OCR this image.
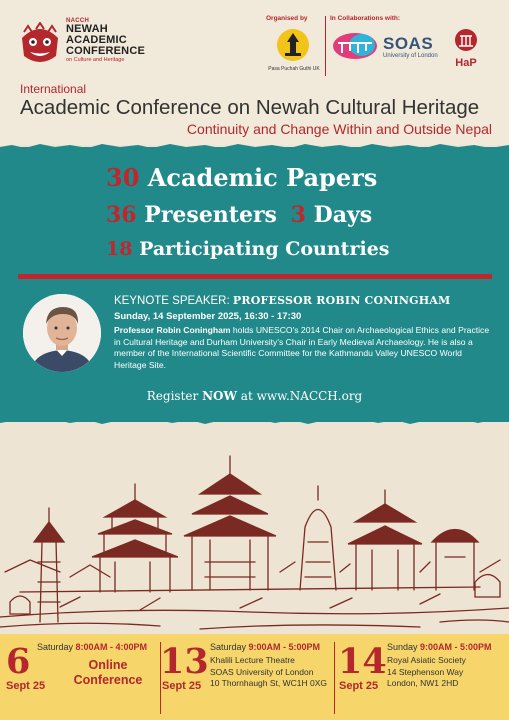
NACCH
NEWAH
ACADEMIC
CONFERENCE
on Culture and Heritage
Organised by
Pasa Puchah Guthi UK
In Collaborations with:
SOAS
University of London
HaP
International
Academic Conference on Newah Cultural Heritage
Continuity and Change Within and Outside Nepal
30 Academic Papers
36 Presenters 3 Days
18 Participating Countries
KEYNOTE SPEAKER: PROFESSOR ROBIN CONINGHAM
Sunday, 14 September 2025, 16:30 - 17:30
Professor Robin Coningham holds UNESCO's 2014 Chair on Archaeological Ethics and Practice in Cultural Heritage and Durham University's Chair in Early Medieval Archaeology. He is also a member of the International Scientific Committee for the Kathmandu Valley UNESCO World Heritage Site.
Register NOW at www.NACCH.org
6
Sept 25
Saturday 8:00AM - 4:00PM
Online
Conference 13
Sept 25
Saturday 9:00AM - 5:00PM
Khalili Lecture Theatre
SOAS University of London
10 Thornhaugh St, WC1H 0XG
14
Sept 25
Sunday 9:00AM - 5:00PM
Royal Asiatic Society
14 Stephenson Way
London, NW1 2HD
